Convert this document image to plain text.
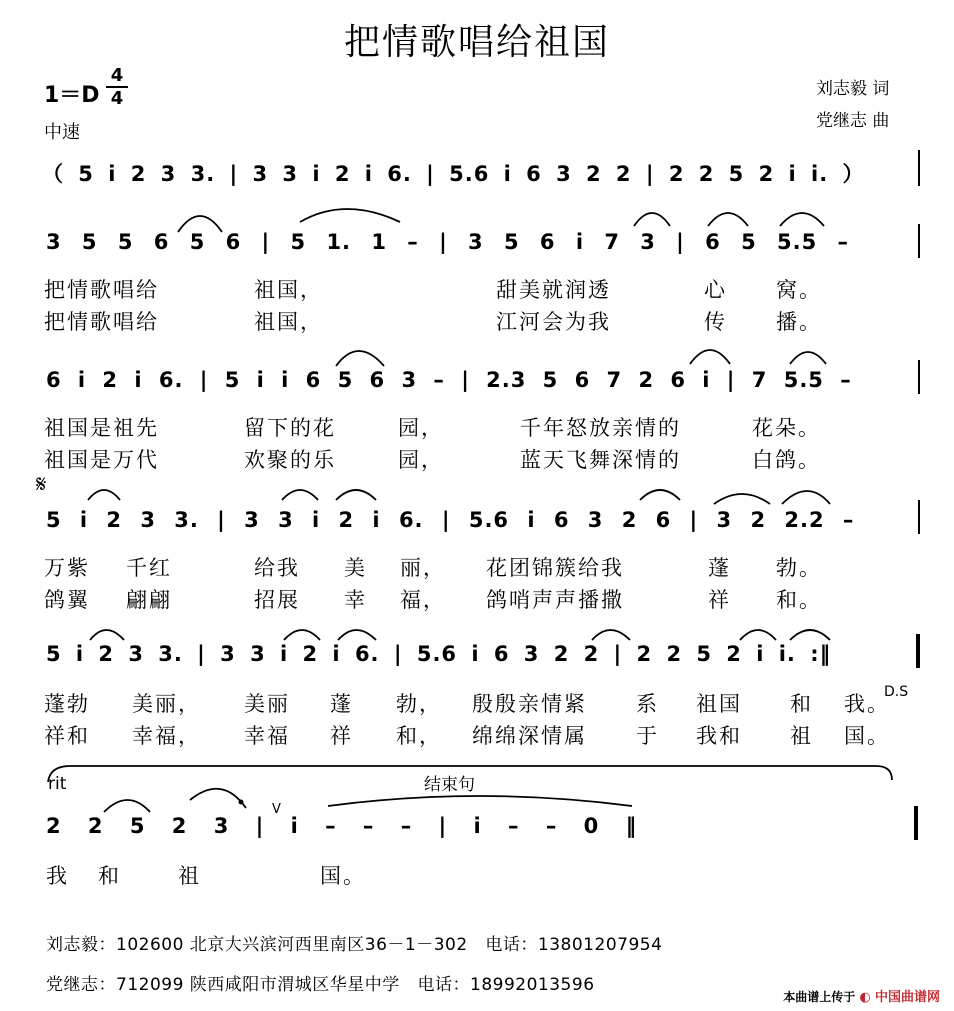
把情歌唱给祖国
1＝D
4
4
中速
刘志毅 词
党继志 曲
（ 5 i 2 3 3. | 3 3 i 2 i 6. | 5.6 i 6 3 2 2 | 2 2 5 2 i i. ）
3 5 5 6 5 6 | 5 1. 1 – | 3 5 6 i 7 3 | 6 5 5.5 –
把情歌唱给	祖国，	甜美就润透	心 窝。
把情歌唱给	祖国，	江河会为我	传 播。
6 i 2 i 6. | 5 i i 6 5 6 3 – | 2.3 5 6 7 2 6 i | 7 5.5 –
祖国是祖先	留下的花	园，	千年怒放亲情的	花朵。
祖国是万代	欢聚的乐	园，	蓝天飞舞深情的	白鸽。
𝄋
5 i 2 3 3. | 3 3 i 2 i 6. | 5.6 i 6 3 2 6 | 3 2 2.2 –
万紫 千红	给我 美 丽， 花团锦簇给我	蓬 勃。
鸽翼 翩翩	招展 幸 福， 鸽哨声声播撒	祥 和。
5 i 2 3 3. | 3 3 i 2 i 6. | 5.6 i 6 3 2 2 | 2 2 5 2 i i. :‖
D.S
蓬勃 美丽， 美丽 蓬 勃， 殷殷亲情紧 系 祖国 和 我。
祥和 幸福， 幸福 祥 和， 绵绵深情属 于 我和 祖 国。
rit	结束句
V
2 2 5 2 3 | i – – – | i – – 0 ‖
我 和	祖	国。
刘志毅：102600 北京大兴滨河西里南区36－1－302 电话：13801207954
党继志：712099 陕西咸阳市渭城区华星中学 电话：18992013596
本曲谱上传于 ◐ 中国曲谱网
